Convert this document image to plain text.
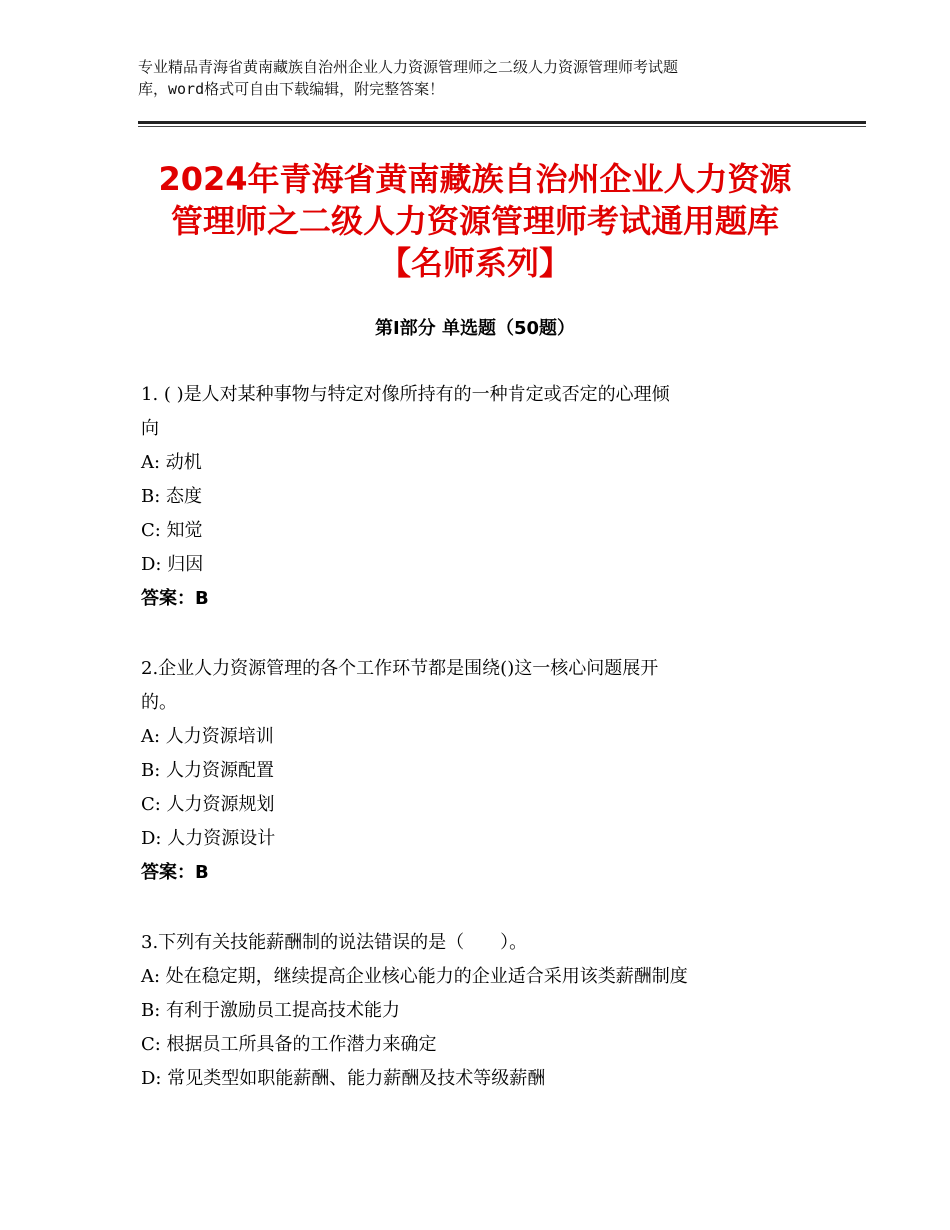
专业精品青海省黄南藏族自治州企业人力资源管理师之二级人力资源管理师考试题
库，word格式可自由下载编辑，附完整答案！
2024年青海省黄南藏族自治州企业人力资源
管理师之二级人力资源管理师考试通用题库
【名师系列】
第Ⅰ部分 单选题（50题）

1. ( )是人对某种事物与特定对像所持有的一种肯定或否定的心理倾
向

A: 动机

B: 态度

C: 知觉

D: 归因

答案：B

2.企业人力资源管理的各个工作环节都是围绕()这一核心问题展开
的。

A: 人力资源培训

B: 人力资源配置

C: 人力资源规划

D: 人力资源设计

答案：B

3.下列有关技能薪酬制的说法错误的是（　　）。

A: 处在稳定期，继续提高企业核心能力的企业适合采用该类薪酬制度

B: 有利于激励员工提高技术能力

C: 根据员工所具备的工作潜力来确定

D: 常见类型如职能薪酬、能力薪酬及技术等级薪酬
